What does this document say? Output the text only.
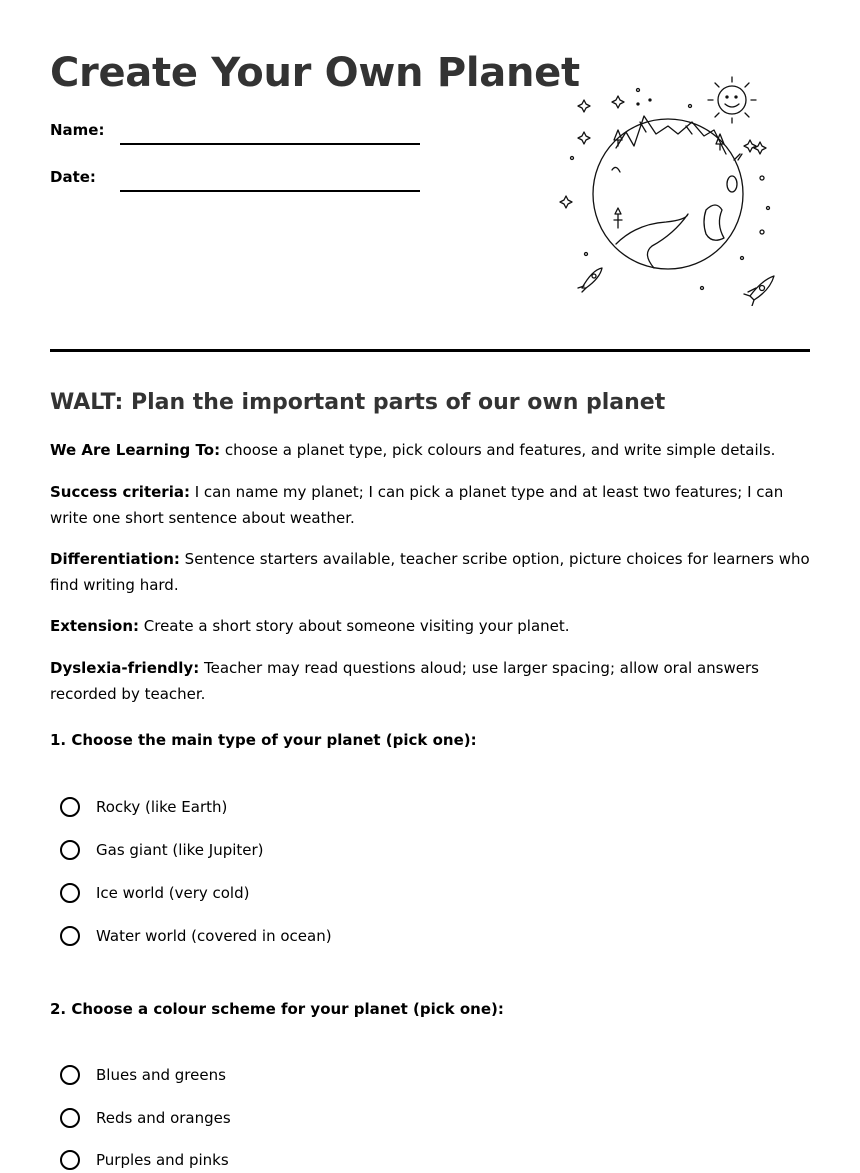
Create Your Own Planet
Name:
Date:
WALT: Plan the important parts of our own planet

We Are Learning To: choose a planet type, pick colours and features, and write simple details.

Success criteria: I can name my planet; I can pick a planet type and at least two features; I can write one short sentence about weather.

Differentiation: Sentence starters available, teacher scribe option, picture choices for learners who find writing hard.

Extension: Create a short story about someone visiting your planet.

Dyslexia-friendly: Teacher may read questions aloud; use larger spacing; allow oral answers recorded by teacher.

1. Choose the main type of your planet (pick one):

Rocky (like Earth)
Gas giant (like Jupiter)
Ice world (very cold)
Water world (covered in ocean)

2. Choose a colour scheme for your planet (pick one):

Blues and greens
Reds and oranges
Purples and pinks
